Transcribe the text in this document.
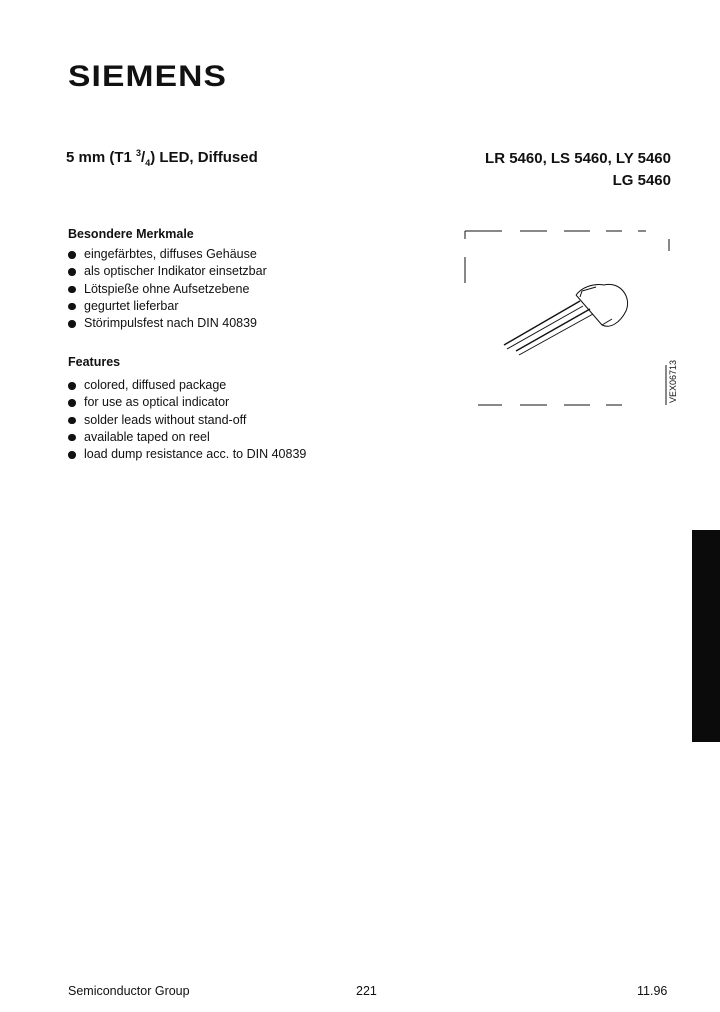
SIEMENS
5 mm (T1 $^3/_4$) LED, Diffused	LR 5460, LS 5460, LY 5460
LG 5460
Besondere Merkmale
eingefärbtes, diffuses Gehäuse
als optischer Indikator einsetzbar
Lötspieße ohne Aufsetzebene
gegurtet lieferbar
Störimpulsfest nach DIN 40839
Features
colored, diffused package
for use as optical indicator
solder leads without stand-off
available taped on reel
load dump resistance acc. to DIN 40839
VEX06713
Semiconductor Group	221	11.96
